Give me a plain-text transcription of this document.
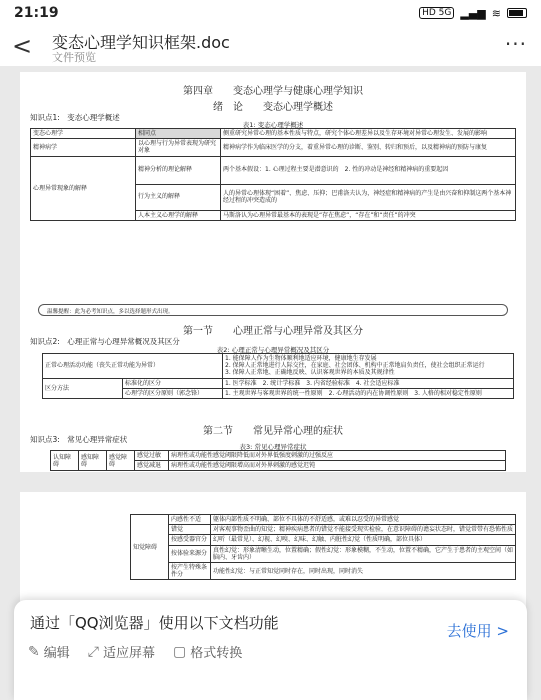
21:19	HD 5G ▂▄▆ ≋
< 变态心理学知识框架.doc
文件预览
···
第四章　　变态心理学与健康心理学知识
绪　论　　变态心理学概述
知识点1:　变态心理学概述
表1: 变态心理学概述
变态心理学	相同点	侧重研究异常心理的基本性质与特点，研究个体心理差异以及生存环境对异常心理发生、发展的影响
精神病学	以心理与行为异常表现为研究对象	精神病学作为临床医学的分支，着重异常心理的诊断、鉴别、转归和预后，以及精神病的预防与康复
心理异常现象的解释	精神分析的理论解释	两个基本假设：1. 心理过程主要是潜意识的　2. 性的冲动是神经和精神病的重要起因
	行为主义的解释	人的异常心理体现“困着”、焦虑、压抑；巴甫洛夫认为，神经症和精神病的产生是由兴奋和抑制这两个基本神经过程的冲突造成的
	人本主义心理学的解释	马斯洛认为心理异常最基本的表现是“存在焦虑”，“存在”和“责任”的冲突
温馨提醒：此为必考知识点，多以选择题形式出现。
第一节　　心理正常与心理异常及其区分
知识点2:　心理正常与心理异常概况及其区分
表2: 心理正常与心理异常概况及其区分
正常心理活动功能（丧失正常功能为异常）		1. 能保障人作为生物体顺利地适应环境，健康地生存发展
2. 保障人正常地进行人际交往，在家庭、社会团体、机构中正常地肩负责任，使社会组织正常运行
3. 保障人正常地、正确地反映、认识客观世界的本质及其规律性
区分方法	标准化的区分	1. 医学标准　2. 统计学标准　3. 内省经验标准　4. 社会适应标准
	心理学的区分原则（郭念锋）	1. 主观世界与客观世界的统一性原则　2. 心理活动的内在协调性原则　3. 人格的相对稳定性原则
第二节　　常见异常心理的症状
知识点3:　常见心理异常症状
表3: 常见心理异常症状
认知障碍	感知障碍	感觉障碍	感觉过敏	病理性或功能性感觉阈限降低而对外界低强度刺激的过强反应
			感觉减退	病理性或功能性感觉阈限增高而对外界刺激的感觉迟钝
知觉障碍	内感性不适	躯体内部性质不明确、部位不具体的不舒适感，或难以忍受的异常感觉
	错觉	对客观事物歪曲的知觉；精神疾病患者的错觉不能接受现实检验，在意识障碍的谵妄状态时，错觉常带有恐怖性质
	按感受器官分	幻听（最常见）、幻视、幻嗅、幻味、幻触、内脏性幻觉（性质明确，部位具体）
	按体验来源分	真性幻觉：形象清晰生动，位置精确；假性幻觉：形象模糊，不生动，位置不精确，它产生于患者的主观空间（如脑内、牙齿内）
	按产生特殊条件分	功能性幻觉：与正常知觉同时存在，同时出现，同时消失
通过「QQ浏览器」使用以下文档功能
✎ 编辑 ⤢ 适应屏幕 ▢ 格式转换
去使用 >
